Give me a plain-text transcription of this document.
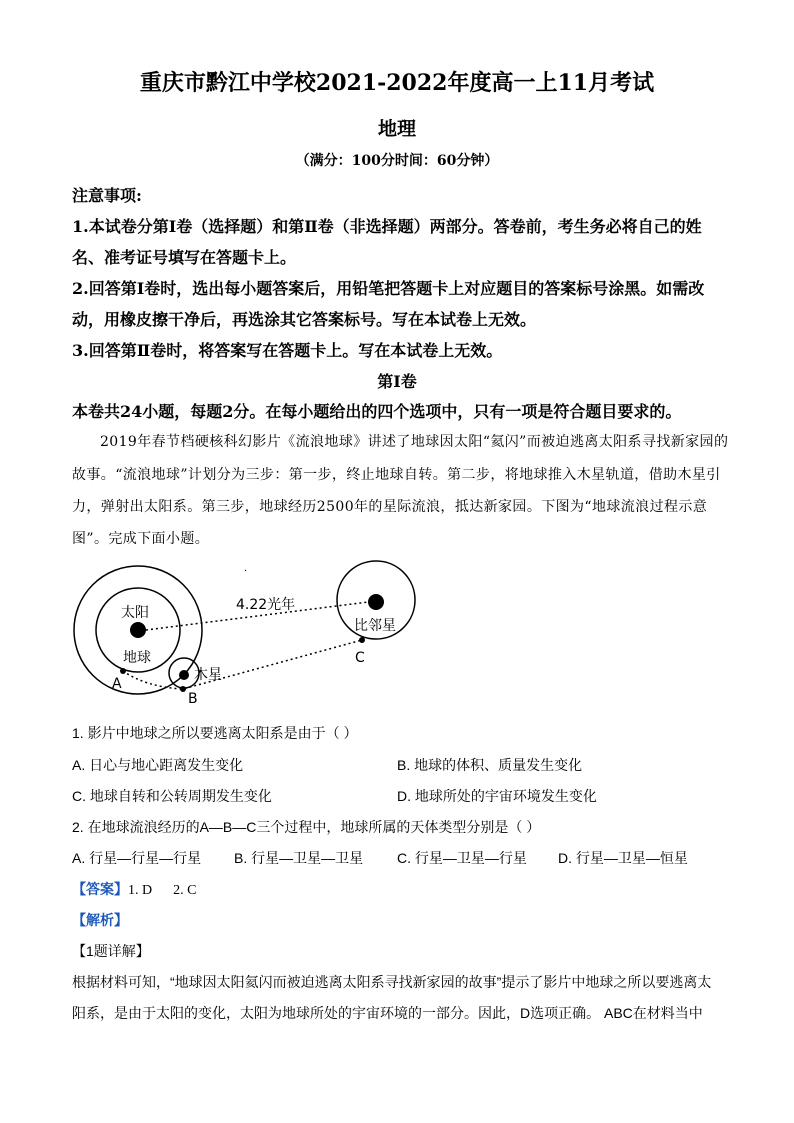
重庆市黔江中学校2021-2022年度高一上11月考试
地理
（满分：100分时间：60分钟）
注意事项:
1.本试卷分第Ⅰ卷（选择题）和第Ⅱ卷（非选择题）两部分。答卷前，考生务必将自己的姓
名、准考证号填写在答题卡上。
2.回答第Ⅰ卷时，选出每小题答案后，用铅笔把答题卡上对应题目的答案标号涂黑。如需改
动，用橡皮擦干净后，再选涂其它答案标号。写在本试卷上无效。
3.回答第Ⅱ卷时，将答案写在答题卡上。写在本试卷上无效。
第Ⅰ卷
本卷共24小题，每题2分。在每小题给出的四个选项中，只有一项是符合题目要求的。
2019年春节档硬核科幻影片《流浪地球》讲述了地球因太阳“氦闪”而被迫逃离太阳系寻找新家园的
故事。“流浪地球”计划分为三步：第一步，终止地球自转。第二步，将地球推入木星轨道，借助木星引
力，弹射出太阳系。第三步，地球经历2500年的星际流浪，抵达新家园。下图为“地球流浪过程示意
图”。完成下面小题。
.
太阳
地球
木星
比邻星
4.22光年
A
B
C
1. 影片中地球之所以要逃离太阳系是由于（ ）
A. 日心与地心距离发生变化	B. 地球的体积、质量发生变化
C. 地球自转和公转周期发生变化	D. 地球所处的宇宙环境发生变化
2. 在地球流浪经历的A—B—C三个过程中，地球所属的天体类型分别是（ ）
A. 行星—行星—行星 B. 行星—卫星—卫星 C. 行星—卫星—行星 D. 行星—卫星—恒星
【答案】1. D      2. C
【解析】
【1题详解】
根据材料可知，“地球因太阳氦闪而被迫逃离太阳系寻找新家园的故事”提示了影片中地球之所以要逃离太
阳系，是由于太阳的变化，太阳为地球所处的宇宙环境的一部分。因此，D选项正确。 ABC在材料当中
